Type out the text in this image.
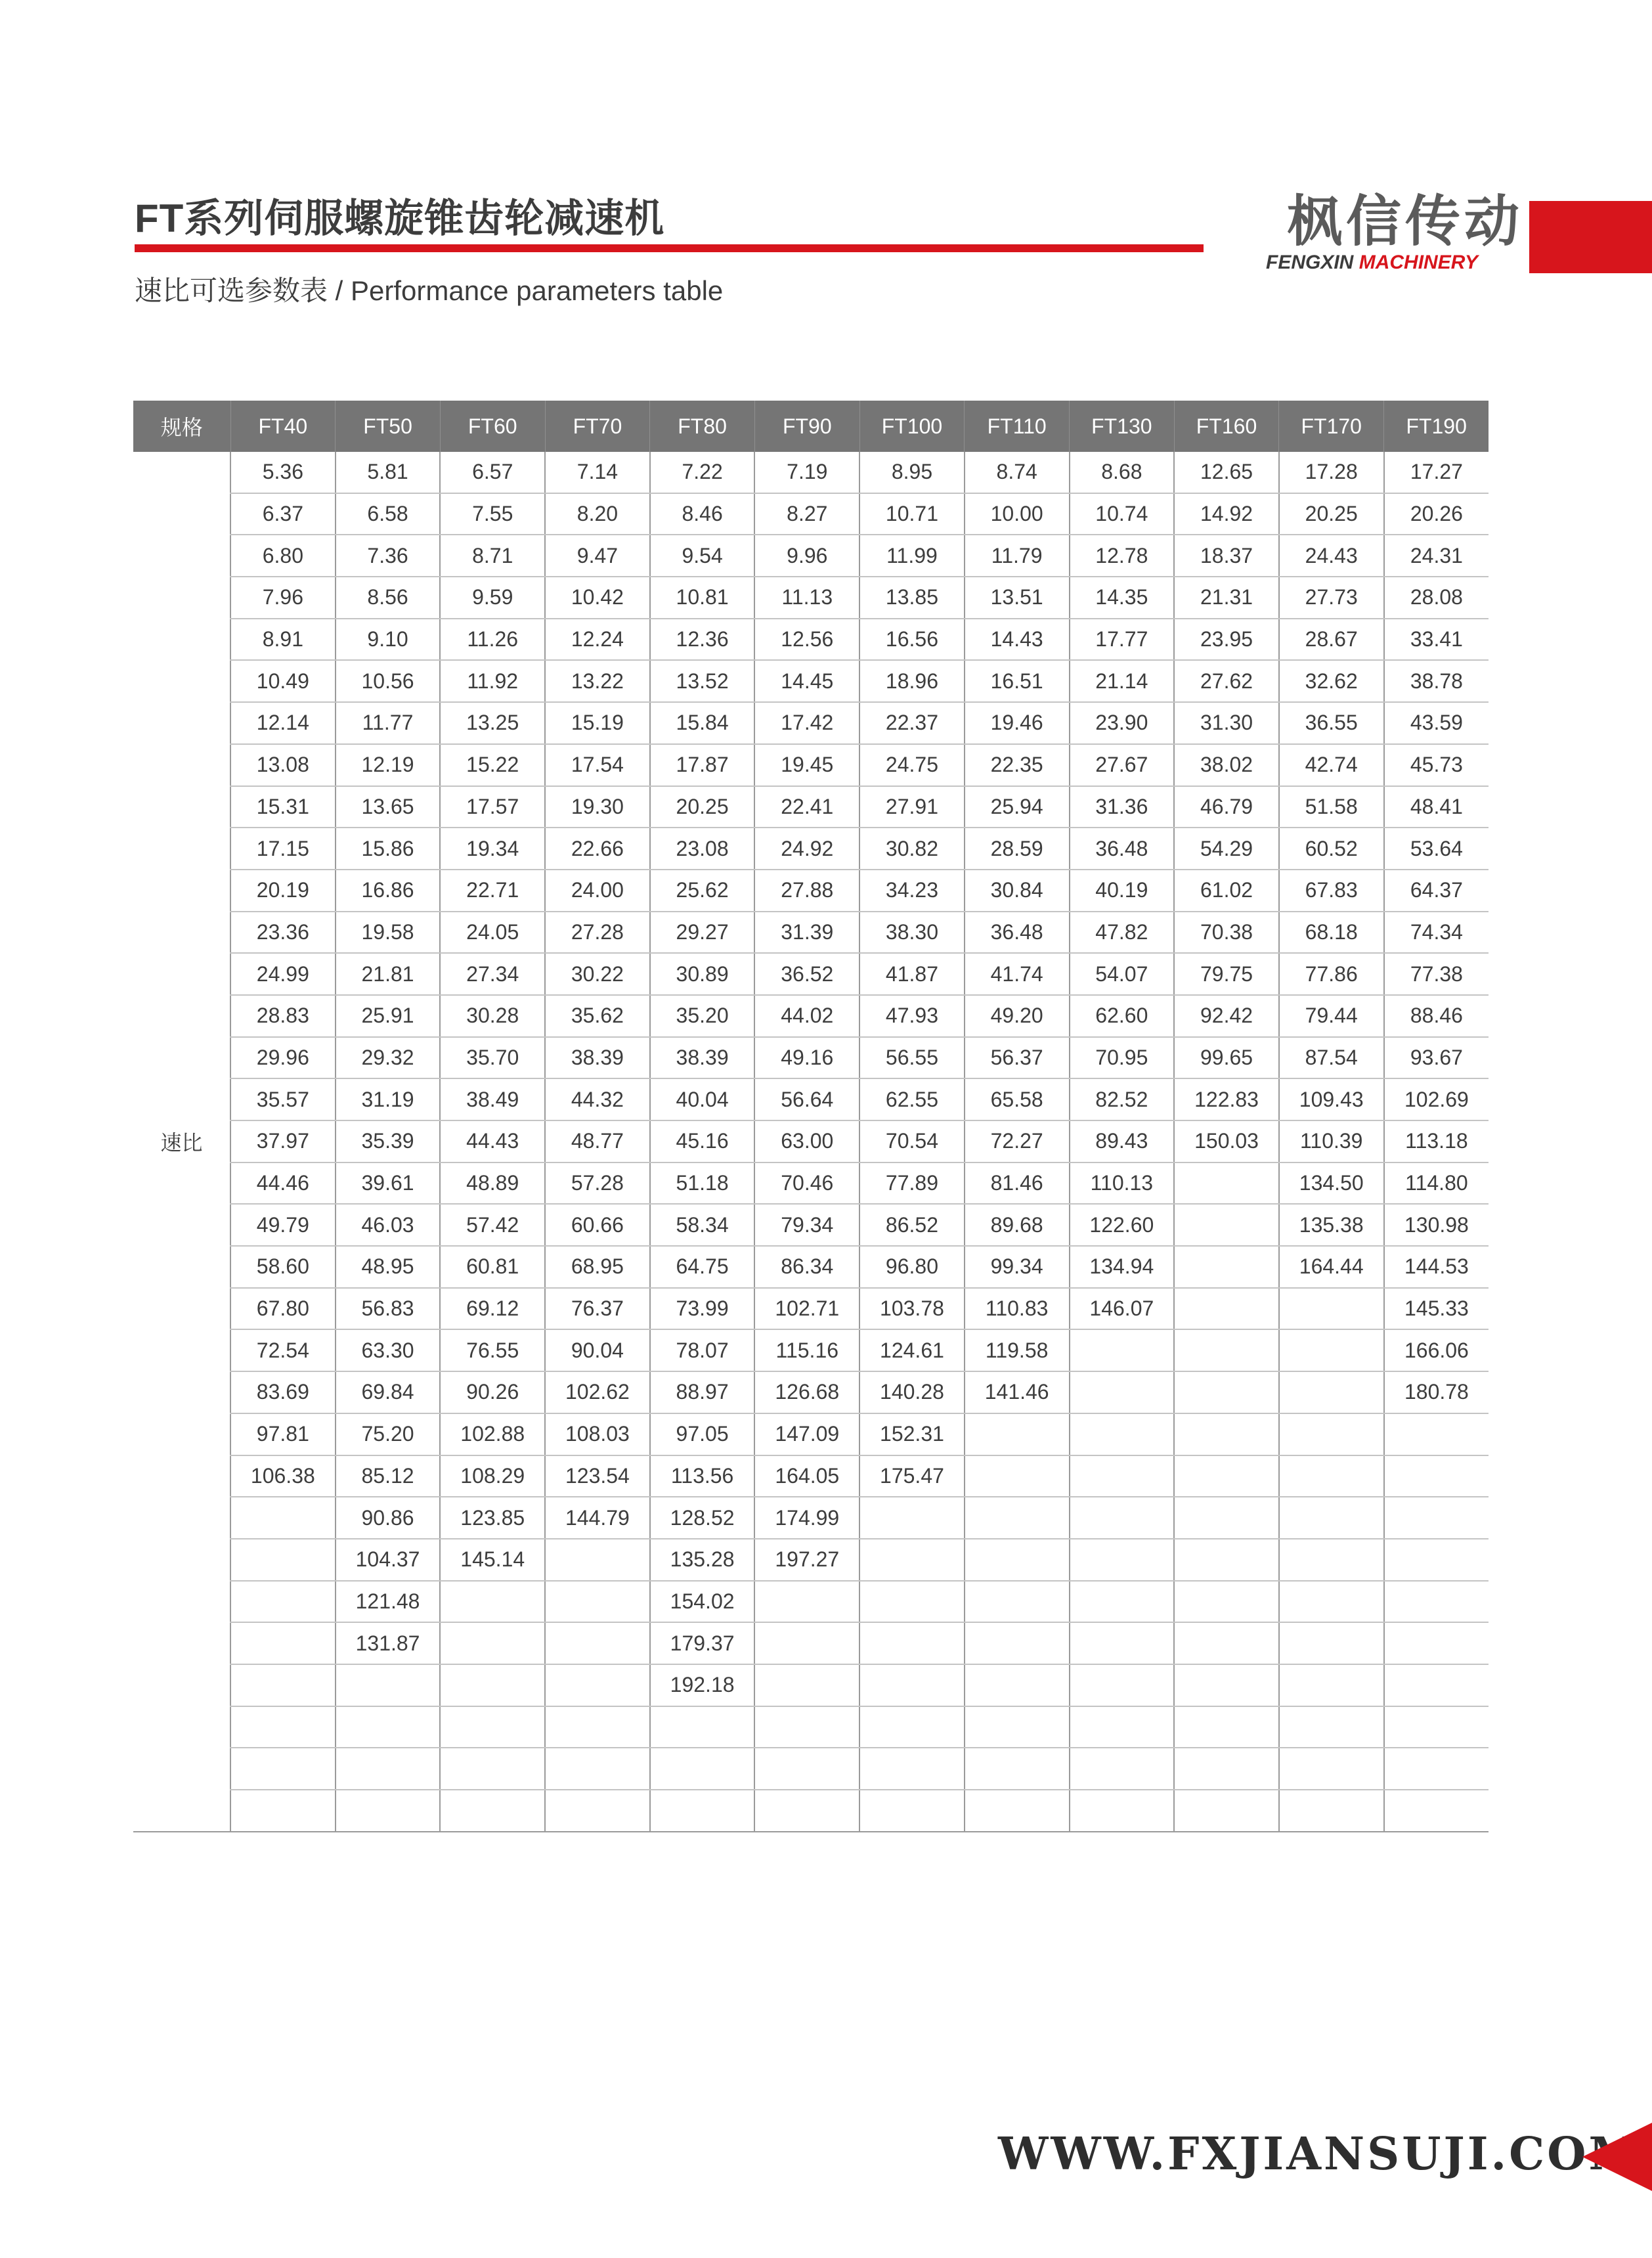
FT系列伺服螺旋锥齿轮减速机
速比可选参数表 / Performance parameters table
枫信传动
FENGXIN MACHINERY
规格	FT40	FT50	FT60	FT70	FT80	FT90	FT100	FT110	FT130	FT160	FT170	FT190
速比	5.36	5.81	6.57	7.14	7.22	7.19	8.95	8.74	8.68	12.65	17.28	17.27
	6.37	6.58	7.55	8.20	8.46	8.27	10.71	10.00	10.74	14.92	20.25	20.26
	6.80	7.36	8.71	9.47	9.54	9.96	11.99	11.79	12.78	18.37	24.43	24.31
	7.96	8.56	9.59	10.42	10.81	11.13	13.85	13.51	14.35	21.31	27.73	28.08
	8.91	9.10	11.26	12.24	12.36	12.56	16.56	14.43	17.77	23.95	28.67	33.41
	10.49	10.56	11.92	13.22	13.52	14.45	18.96	16.51	21.14	27.62	32.62	38.78
	12.14	11.77	13.25	15.19	15.84	17.42	22.37	19.46	23.90	31.30	36.55	43.59
	13.08	12.19	15.22	17.54	17.87	19.45	24.75	22.35	27.67	38.02	42.74	45.73
	15.31	13.65	17.57	19.30	20.25	22.41	27.91	25.94	31.36	46.79	51.58	48.41
	17.15	15.86	19.34	22.66	23.08	24.92	30.82	28.59	36.48	54.29	60.52	53.64
	20.19	16.86	22.71	24.00	25.62	27.88	34.23	30.84	40.19	61.02	67.83	64.37
	23.36	19.58	24.05	27.28	29.27	31.39	38.30	36.48	47.82	70.38	68.18	74.34
	24.99	21.81	27.34	30.22	30.89	36.52	41.87	41.74	54.07	79.75	77.86	77.38
	28.83	25.91	30.28	35.62	35.20	44.02	47.93	49.20	62.60	92.42	79.44	88.46
	29.96	29.32	35.70	38.39	38.39	49.16	56.55	56.37	70.95	99.65	87.54	93.67
	35.57	31.19	38.49	44.32	40.04	56.64	62.55	65.58	82.52	122.83	109.43	102.69
	37.97	35.39	44.43	48.77	45.16	63.00	70.54	72.27	89.43	150.03	110.39	113.18
	44.46	39.61	48.89	57.28	51.18	70.46	77.89	81.46	110.13		134.50	114.80
	49.79	46.03	57.42	60.66	58.34	79.34	86.52	89.68	122.60		135.38	130.98
	58.60	48.95	60.81	68.95	64.75	86.34	96.80	99.34	134.94		164.44	144.53
	67.80	56.83	69.12	76.37	73.99	102.71	103.78	110.83	146.07			145.33
	72.54	63.30	76.55	90.04	78.07	115.16	124.61	119.58				166.06
	83.69	69.84	90.26	102.62	88.97	126.68	140.28	141.46				180.78
	97.81	75.20	102.88	108.03	97.05	147.09	152.31					
	106.38	85.12	108.29	123.54	113.56	164.05	175.47					
		90.86	123.85	144.79	128.52	174.99						
		104.37	145.14		135.28	197.27						
		121.48			154.02							
		131.87			179.37							
					192.18							

WWW.FXJIANSUJI.COM
